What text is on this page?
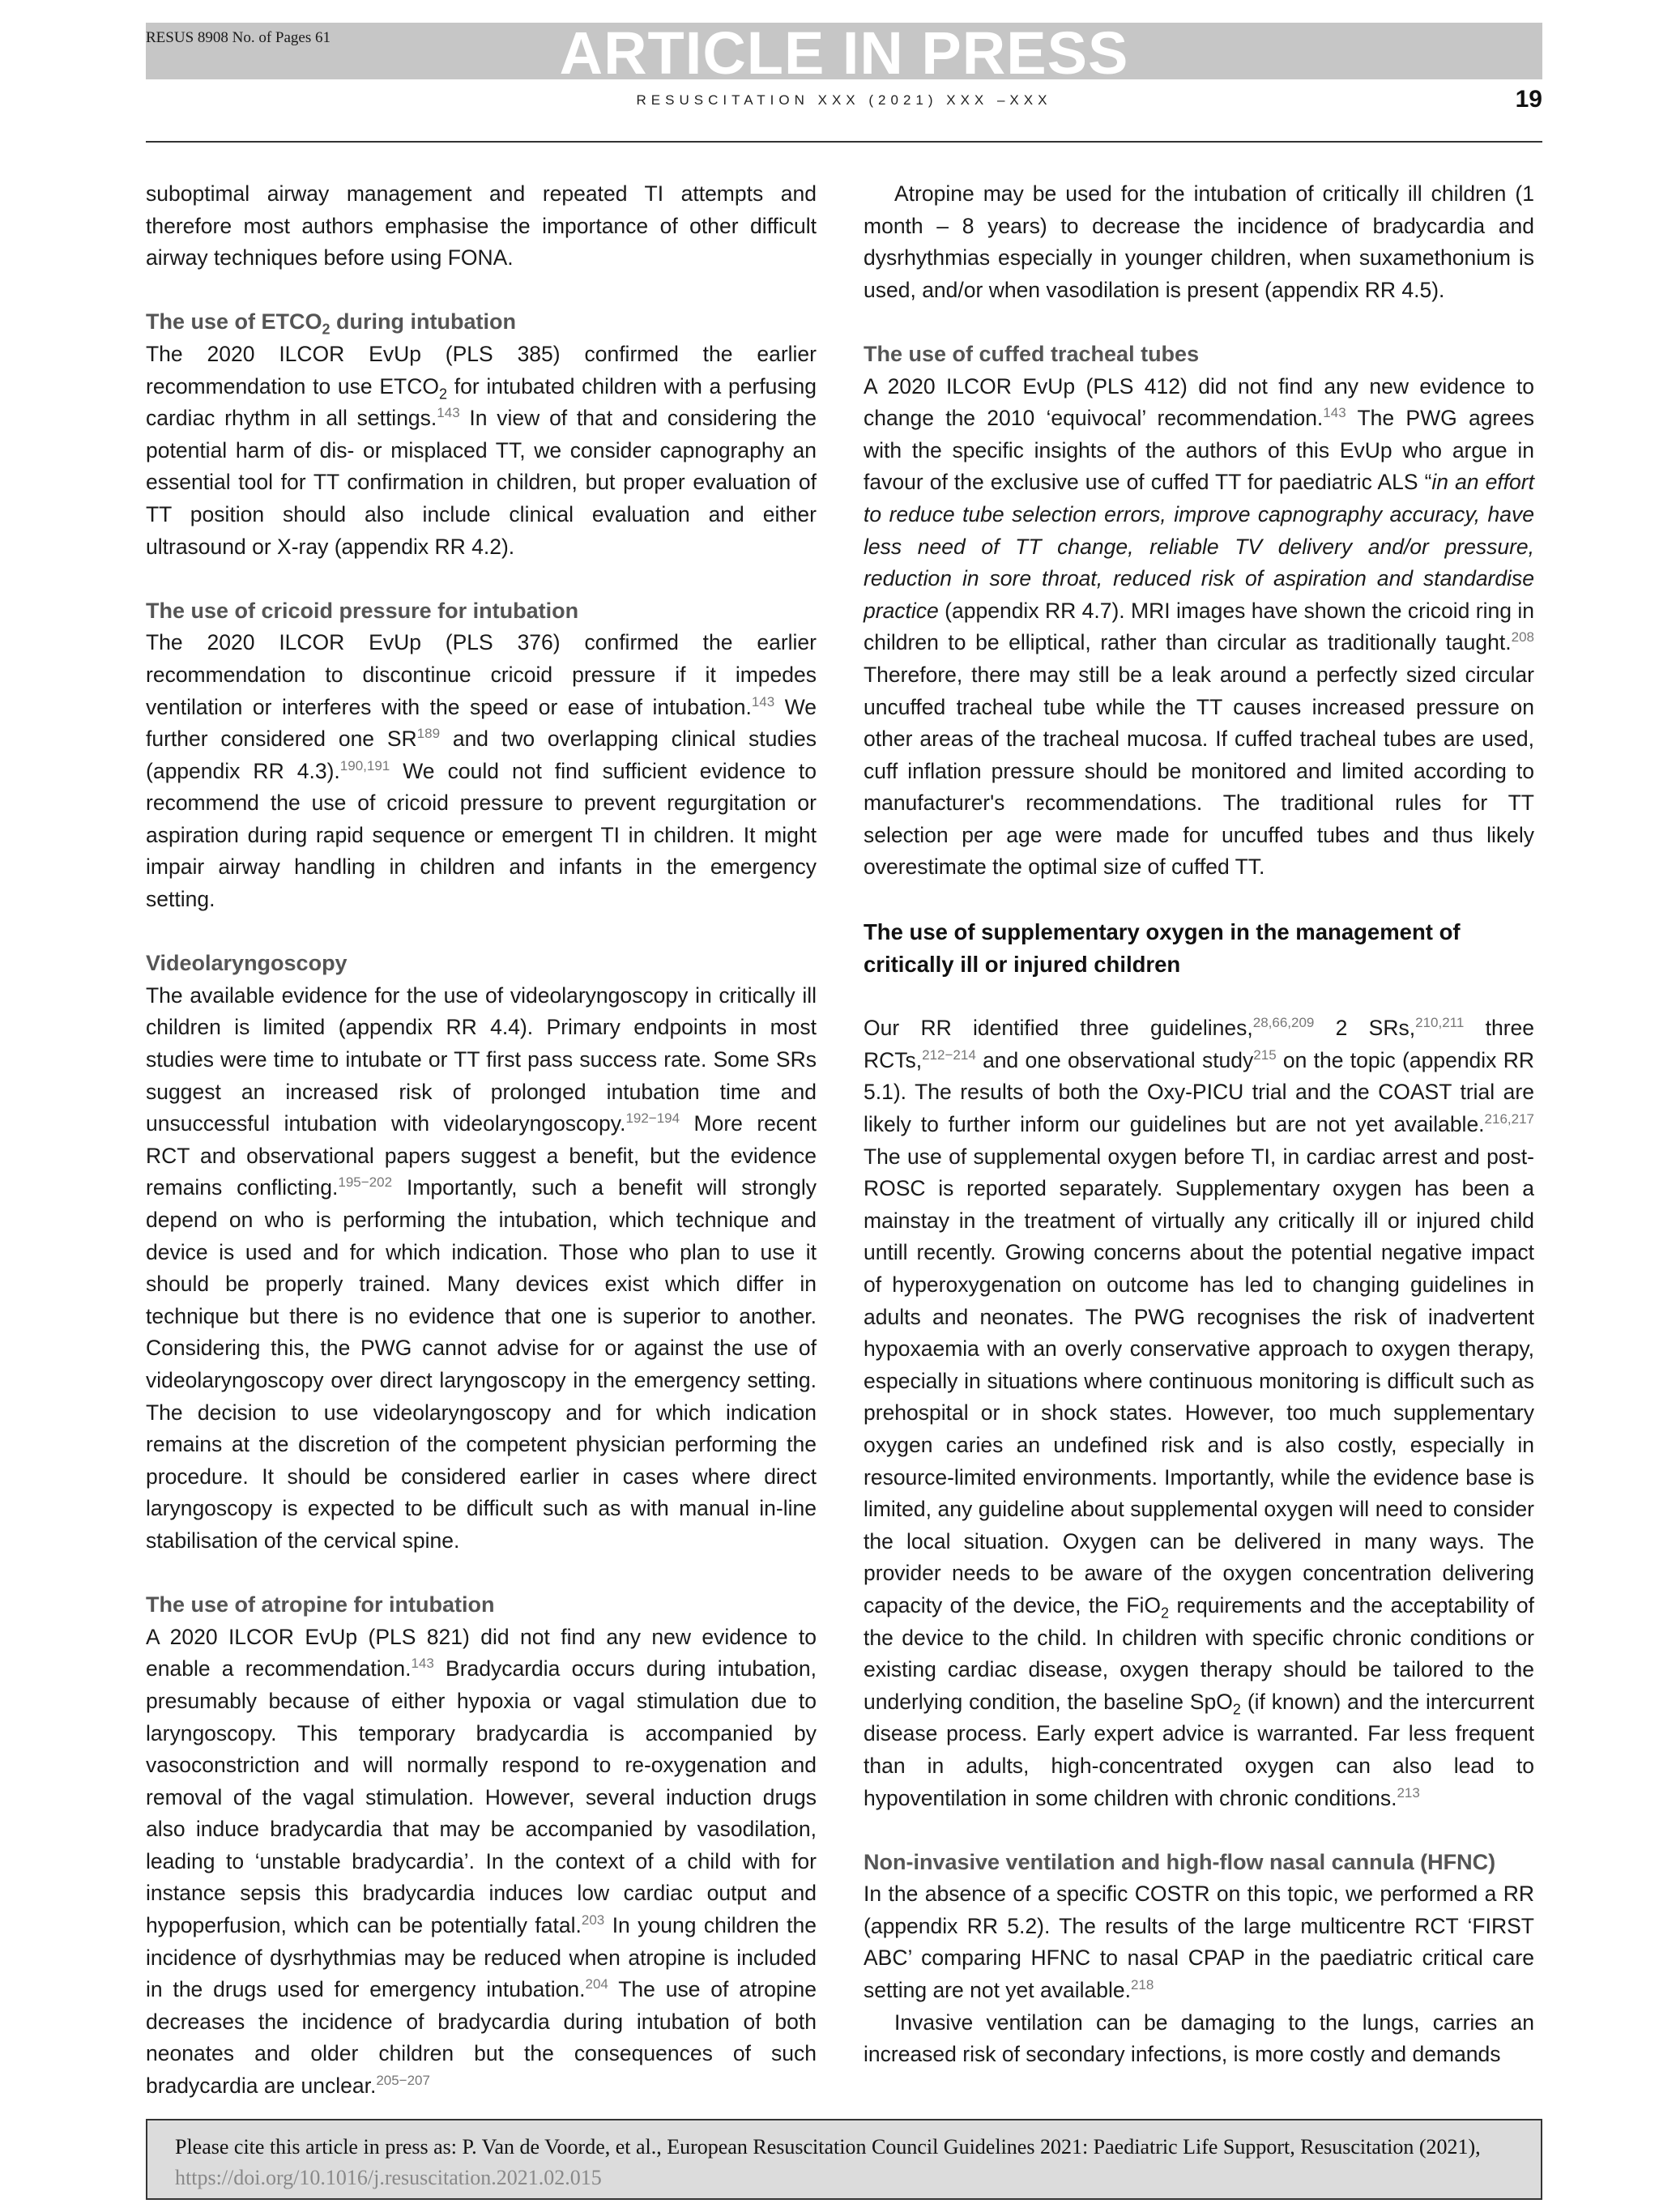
ARTICLE IN PRESS
RESUS 8908 No. of Pages 61
RESUSCITATION XXX (2021) XXX –XXX	19

suboptimal airway management and repeated TI attempts and therefore most authors emphasise the importance of other difficult airway techniques before using FONA.

The use of $ETCO_2$ during intubation

The 2020 ILCOR EvUp (PLS 385) confirmed the earlier recommendation to use $ETCO_2$ for intubated children with a perfusing cardiac rhythm in all settings.$^{143}$ In view of that and considering the potential harm of dis- or misplaced TT, we consider capnography an essential tool for TT confirmation in children, but proper evaluation of TT position should also include clinical evaluation and either ultrasound or X-ray (appendix RR 4.2).

The use of cricoid pressure for intubation

The 2020 ILCOR EvUp (PLS 376) confirmed the earlier recommendation to discontinue cricoid pressure if it impedes ventilation or interferes with the speed or ease of intubation.$^{143}$ We further considered one SR$^{189}$ and two overlapping clinical studies (appendix RR 4.3).$^{190,191}$ We could not find sufficient evidence to recommend the use of cricoid pressure to prevent regurgitation or aspiration during rapid sequence or emergent TI in children. It might impair airway handling in children and infants in the emergency setting.

Videolaryngoscopy

The available evidence for the use of videolaryngoscopy in critically ill children is limited (appendix RR 4.4). Primary endpoints in most studies were time to intubate or TT first pass success rate. Some SRs suggest an increased risk of prolonged intubation time and unsuccessful intubation with videolaryngoscopy.$^{192-194}$ More recent RCT and observational papers suggest a benefit, but the evidence remains conflicting.$^{195-202}$ Importantly, such a benefit will strongly depend on who is performing the intubation, which technique and device is used and for which indication. Those who plan to use it should be properly trained. Many devices exist which differ in technique but there is no evidence that one is superior to another. Considering this, the PWG cannot advise for or against the use of videolaryngoscopy over direct laryngoscopy in the emergency setting. The decision to use videolaryngoscopy and for which indication remains at the discretion of the competent physician performing the procedure. It should be considered earlier in cases where direct laryngoscopy is expected to be difficult such as with manual in-line stabilisation of the cervical spine.

The use of atropine for intubation

A 2020 ILCOR EvUp (PLS 821) did not find any new evidence to enable a recommendation.$^{143}$ Bradycardia occurs during intubation, presumably because of either hypoxia or vagal stimulation due to laryngoscopy. This temporary bradycardia is accompanied by vasoconstriction and will normally respond to re-oxygenation and removal of the vagal stimulation. However, several induction drugs also induce bradycardia that may be accompanied by vasodilation, leading to ‘unstable bradycardia’. In the context of a child with for instance sepsis this bradycardia induces low cardiac output and hypoperfusion, which can be potentially fatal.$^{203}$ In young children the incidence of dysrhythmias may be reduced when atropine is included in the drugs used for emergency intubation.$^{204}$ The use of atropine decreases the incidence of bradycardia during intubation of both neonates and older children but the consequences of such bradycardia are unclear.$^{205-207}$

Atropine may be used for the intubation of critically ill children (1 month – 8 years) to decrease the incidence of bradycardia and dysrhythmias especially in younger children, when suxamethonium is used, and/or when vasodilation is present (appendix RR 4.5).

The use of cuffed tracheal tubes

A 2020 ILCOR EvUp (PLS 412) did not find any new evidence to change the 2010 ‘equivocal’ recommendation.$^{143}$ The PWG agrees with the specific insights of the authors of this EvUp who argue in favour of the exclusive use of cuffed TT for paediatric ALS “in an effort to reduce tube selection errors, improve capnography accuracy, have less need of TT change, reliable TV delivery and/or pressure, reduction in sore throat, reduced risk of aspiration and standardise practice (appendix RR 4.7). MRI images have shown the cricoid ring in children to be elliptical, rather than circular as traditionally taught.$^{208}$ Therefore, there may still be a leak around a perfectly sized circular uncuffed tracheal tube while the TT causes increased pressure on other areas of the tracheal mucosa. If cuffed tracheal tubes are used, cuff inflation pressure should be monitored and limited according to manufacturer's recommendations. The traditional rules for TT selection per age were made for uncuffed tubes and thus likely overestimate the optimal size of cuffed TT.

The use of supplementary oxygen in the management of critically ill or injured children

Our RR identified three guidelines,$^{28,66,209}$ 2 SRs,$^{210,211}$ three RCTs,$^{212-214}$ and one observational study$^{215}$ on the topic (appendix RR 5.1). The results of both the Oxy-PICU trial and the COAST trial are likely to further inform our guidelines but are not yet available.$^{216,217}$ The use of supplemental oxygen before TI, in cardiac arrest and post-ROSC is reported separately. Supplementary oxygen has been a mainstay in the treatment of virtually any critically ill or injured child untill recently. Growing concerns about the potential negative impact of hyperoxygenation on outcome has led to changing guidelines in adults and neonates. The PWG recognises the risk of inadvertent hypoxaemia with an overly conservative approach to oxygen therapy, especially in situations where continuous monitoring is difficult such as prehospital or in shock states. However, too much supplementary oxygen caries an undefined risk and is also costly, especially in resource-limited environments. Importantly, while the evidence base is limited, any guideline about supplemental oxygen will need to consider the local situation. Oxygen can be delivered in many ways. The provider needs to be aware of the oxygen concentration delivering capacity of the device, the FiO$_2$ requirements and the acceptability of the device to the child. In children with specific chronic conditions or existing cardiac disease, oxygen therapy should be tailored to the underlying condition, the baseline SpO$_2$ (if known) and the intercurrent disease process. Early expert advice is warranted. Far less frequent than in adults, high-concentrated oxygen can also lead to hypoventilation in some children with chronic conditions.$^{213}$

Non-invasive ventilation and high-flow nasal cannula (HFNC)

In the absence of a specific COSTR on this topic, we performed a RR (appendix RR 5.2). The results of the large multicentre RCT ‘FIRST ABC’ comparing HFNC to nasal CPAP in the paediatric critical care setting are not yet available.$^{218}$

Invasive ventilation can be damaging to the lungs, carries an increased risk of secondary infections, is more costly and demands

Please cite this article in press as: P. Van de Voorde, et al., European Resuscitation Council Guidelines 2021: Paediatric Life Support, Resuscitation (2021), https://doi.org/10.1016/j.resuscitation.2021.02.015
